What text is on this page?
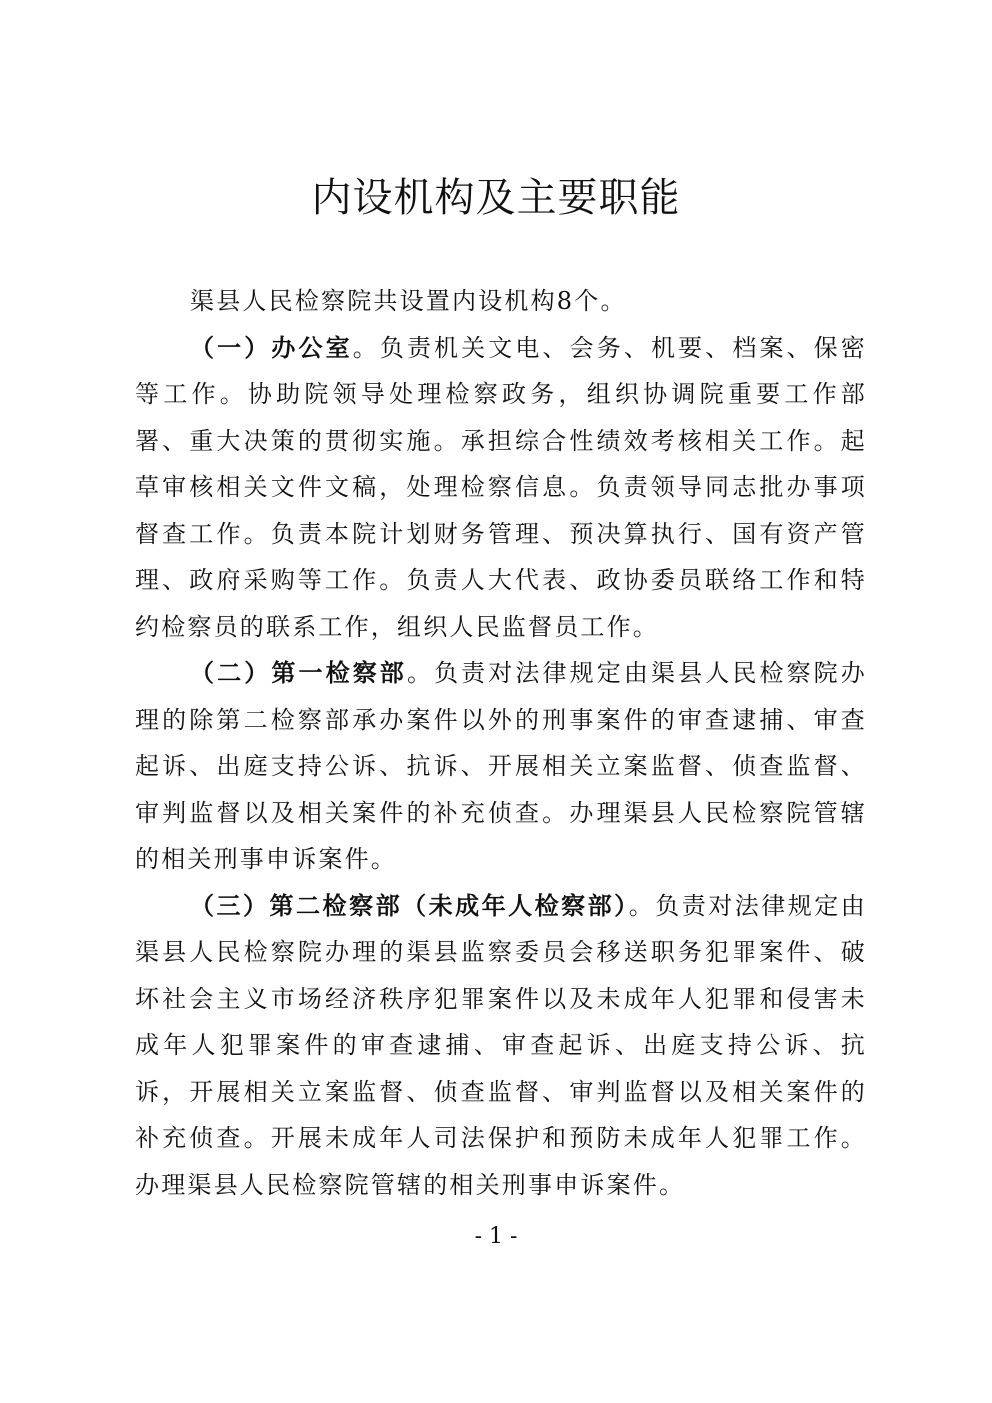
内设机构及主要职能

渠县人民检察院共设置内设机构8个。

（一）办公室。负责机关文电、会务、机要、档案、保密等工作。协助院领导处理检察政务，组织协调院重要工作部署、重大决策的贯彻实施。承担综合性绩效考核相关工作。起草审核相关文件文稿，处理检察信息。负责领导同志批办事项督查工作。负责本院计划财务管理、预决算执行、国有资产管理、政府采购等工作。负责人大代表、政协委员联络工作和特约检察员的联系工作，组织人民监督员工作。

（二）第一检察部。负责对法律规定由渠县人民检察院办理的除第二检察部承办案件以外的刑事案件的审查逮捕、审查起诉、出庭支持公诉、抗诉、开展相关立案监督、侦查监督、审判监督以及相关案件的补充侦查。办理渠县人民检察院管辖的相关刑事申诉案件。

（三）第二检察部（未成年人检察部）。负责对法律规定由渠县人民检察院办理的渠县监察委员会移送职务犯罪案件、破坏社会主义市场经济秩序犯罪案件以及未成年人犯罪和侵害未成年人犯罪案件的审查逮捕、审查起诉、出庭支持公诉、抗诉，开展相关立案监督、侦查监督、审判监督以及相关案件的补充侦查。开展未成年人司法保护和预防未成年人犯罪工作。办理渠县人民检察院管辖的相关刑事申诉案件。

- 1 -
